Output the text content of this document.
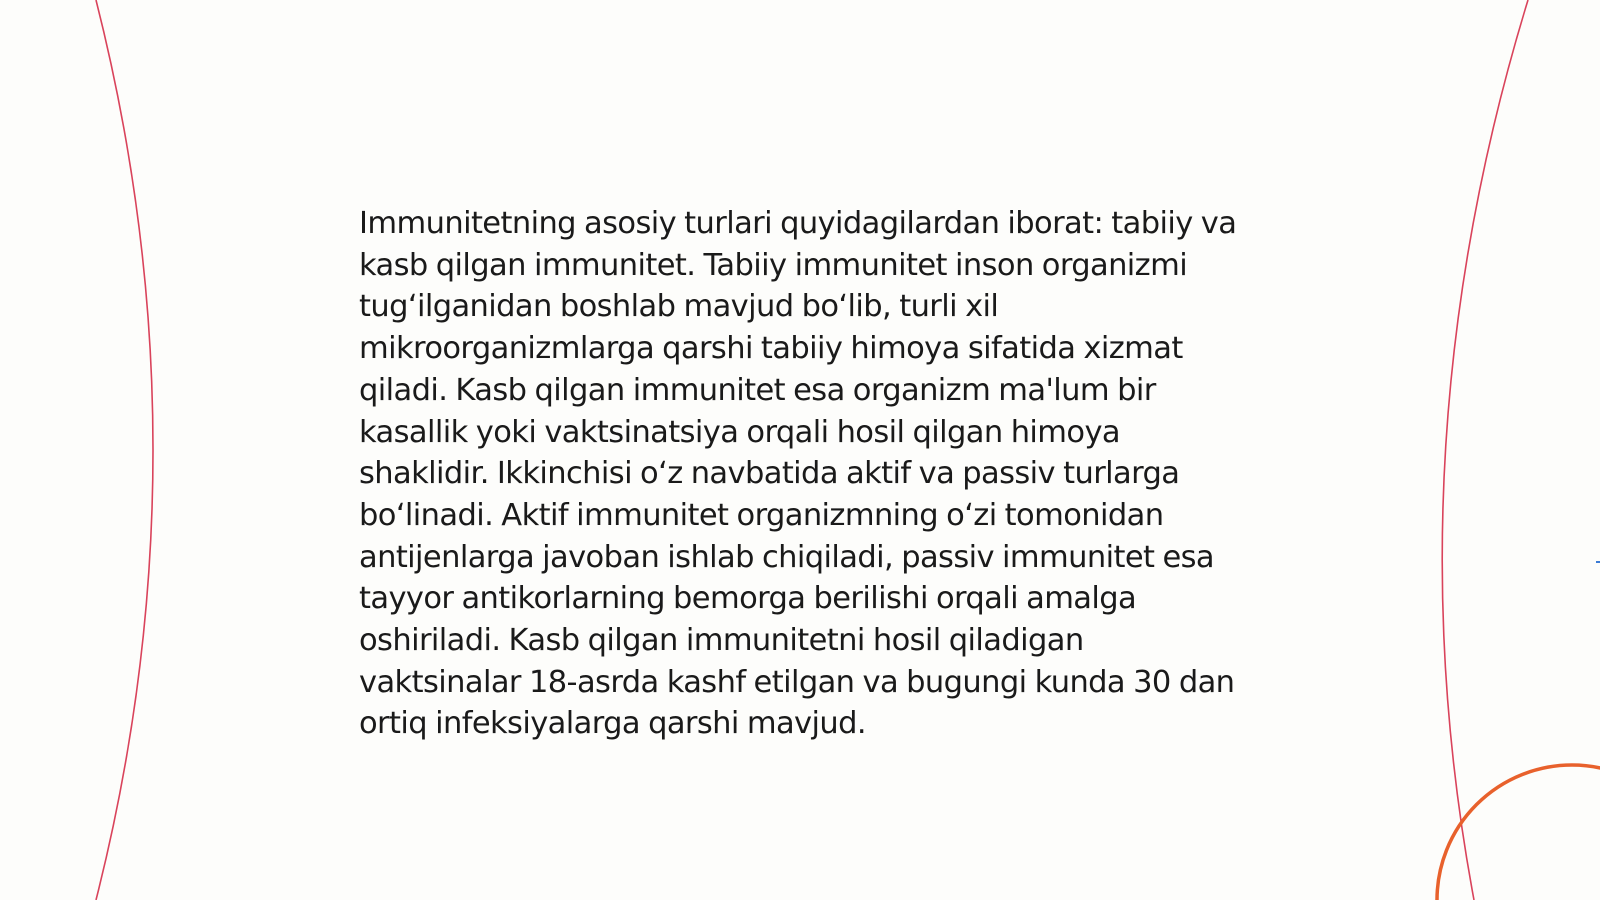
Immunitetning asosiy turlari quyidagilardan iborat: tabiiy va kasb qilgan immunitet. Tabiiy immunitet inson organizmi tugʻilganidan boshlab mavjud boʻlib, turli xil mikroorganizmlarga qarshi tabiiy himoya sifatida xizmat qiladi. Kasb qilgan immunitet esa organizm ma'lum bir kasallik yoki vaktsinatsiya orqali hosil qilgan himoya shaklidir. Ikkinchisi oʻz navbatida aktif va passiv turlarga boʻlinadi. Aktif immunitet organizmning oʻzi tomonidan antijenlarga javoban ishlab chiqiladi, passiv immunitet esa tayyor antikorlarning bemorga berilishi orqali amalga oshiriladi. Kasb qilgan immunitetni hosil qiladigan vaktsinalar 18-asrda kashf etilgan va bugungi kunda 30 dan ortiq infeksiyalarga qarshi mavjud.
